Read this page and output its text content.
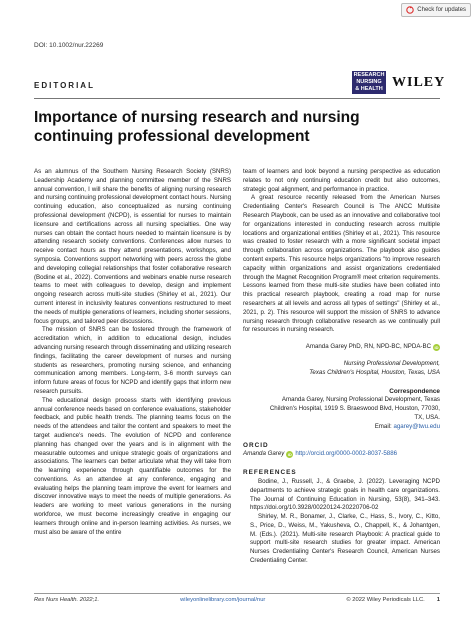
Check for updates
DOI: 10.1002/nur.22269
EDITORIAL
RESEARCH
NURSING
& HEALTH WILEY
Importance of nursing research and nursing continuing professional development

As an alumnus of the Southern Nursing Research Society (SNRS) Leadership Academy and planning committee member of the SNRS annual convention, I will share the benefits of aligning nursing research and nursing continuing professional development contact hours. Nursing continuing education, also conceptualized as nursing continuing professional development (NCPD), is essential for nurses to maintain licensure and certifications across all nursing specialties. One way nurses can obtain the contact hours needed to maintain licensure is by attending research society conventions. Conferences allow nurses to receive contact hours as they attend presentations, workshops, and symposia. Conventions support networking with peers across the globe and developing collegial relationships that foster collaborative research (Bodine et al., 2022). Conventions and webinars enable nurse research teams to meet with colleagues to develop, design and implement ongoing research across multi-site studies (Shirley et al., 2021). Our current interest in inclusivity features conventions restructured to meet the needs of multiple generations of learners, including shorter sessions, focus groups, and tailored peer discussions.

The mission of SNRS can be fostered through the framework of accreditation which, in addition to educational design, includes advancing nursing research through disseminating and utilizing research findings, facilitating the career development of nurses and nursing students as researchers, promoting nursing science, and enhancing communication among members. Long-term, 3-6 month surveys can inform future areas of focus for NCPD and identify gaps that inform new research pursuits.

The educational design process starts with identifying previous annual conference needs based on conference evaluations, stakeholder feedback, and public health trends. The planning teams focus on the needs of the attendees and tailor the content and speakers to meet the target audience's needs. The evolution of NCPD and conference planning has changed over the years and is in alignment with the measurable outcomes and unique strategic goals of organizations and associations. The learners can better articulate what they will take from the learning experience through quantifiable outcomes for the conventions. As an attendee at any conference, engaging and evaluating helps the planning team improve the event for learners and discover innovative ways to meet the needs of multiple generations. As leaders are working to meet various generations in the nursing workforce, we must become increasingly creative in engaging our learners through online and in-person learning activities. As nurses, we must also be aware of the entire

team of learners and look beyond a nursing perspective as education relates to not only continuing education credit but also outcomes, strategic goal alignment, and performance in practice.

A great resource recently released from the American Nurses Credentialing Center's Research Council is The ANCC Multisite Research Playbook, can be used as an innovative and collaborative tool for organizations interested in conducting research across multiple locations and organizational entities (Shirley et al., 2021). This resource was created to foster research with a more significant societal impact through collaboration across organizations. The playbook also guides content experts. This resource helps organizations "to improve research capacity within organizations and assist organizations credentialed through the Magnet Recognition Program® meet criterion requirements. Lessons learned from these multi-site studies have been collated into this practical research playbook, creating a road map for nurse researchers at all levels and across all types of settings" (Shirley et al., 2021, p. 2). This resource will support the mission of SNRS to advance nursing research through collaborative research as we continually pull for resources in nursing research.

Amanda Garey PhD, RN, NPD-BC, NPDA-BC iD
Nursing Professional Development,
Texas Children's Hospital, Houston, Texas, USA
Correspondence
Amanda Garey, Nursing Professional Development, Texas
Children's Hospital, 1919 S. Braeswood Blvd, Houston, 77030,
TX, USA.
Email: agarey@twu.edu
ORCID
Amanda Garey iD http://orcid.org/0000-0002-8037-5886
REFERENCES

Bodine, J., Russell, J., & Graebe, J. (2022). Leveraging NCPD departments to achieve strategic goals in health care organizations. The Journal of Continuing Education in Nursing, 53(8), 341–343. https://doi.org/10.3928/00220124-20220706-02

Shirley, M. R., Bonamer, J., Clarke, C., Hass, S., Ivory, C., Kitto, S., Price, D., Weiss, M., Yakusheva, O., Chappell, K., & Johantgen, M. (Eds.). (2021). Multi-site research Playbook: A practical guide to support multi-site research studies for greater impact. American Nurses Credentialing Center's Research Council, American Nurses Credentialing Center.

Res Nurs Health. 2022;1.	wileyonlinelibrary.com/journal/nur	© 2022 Wiley Periodicals LLC. 1
